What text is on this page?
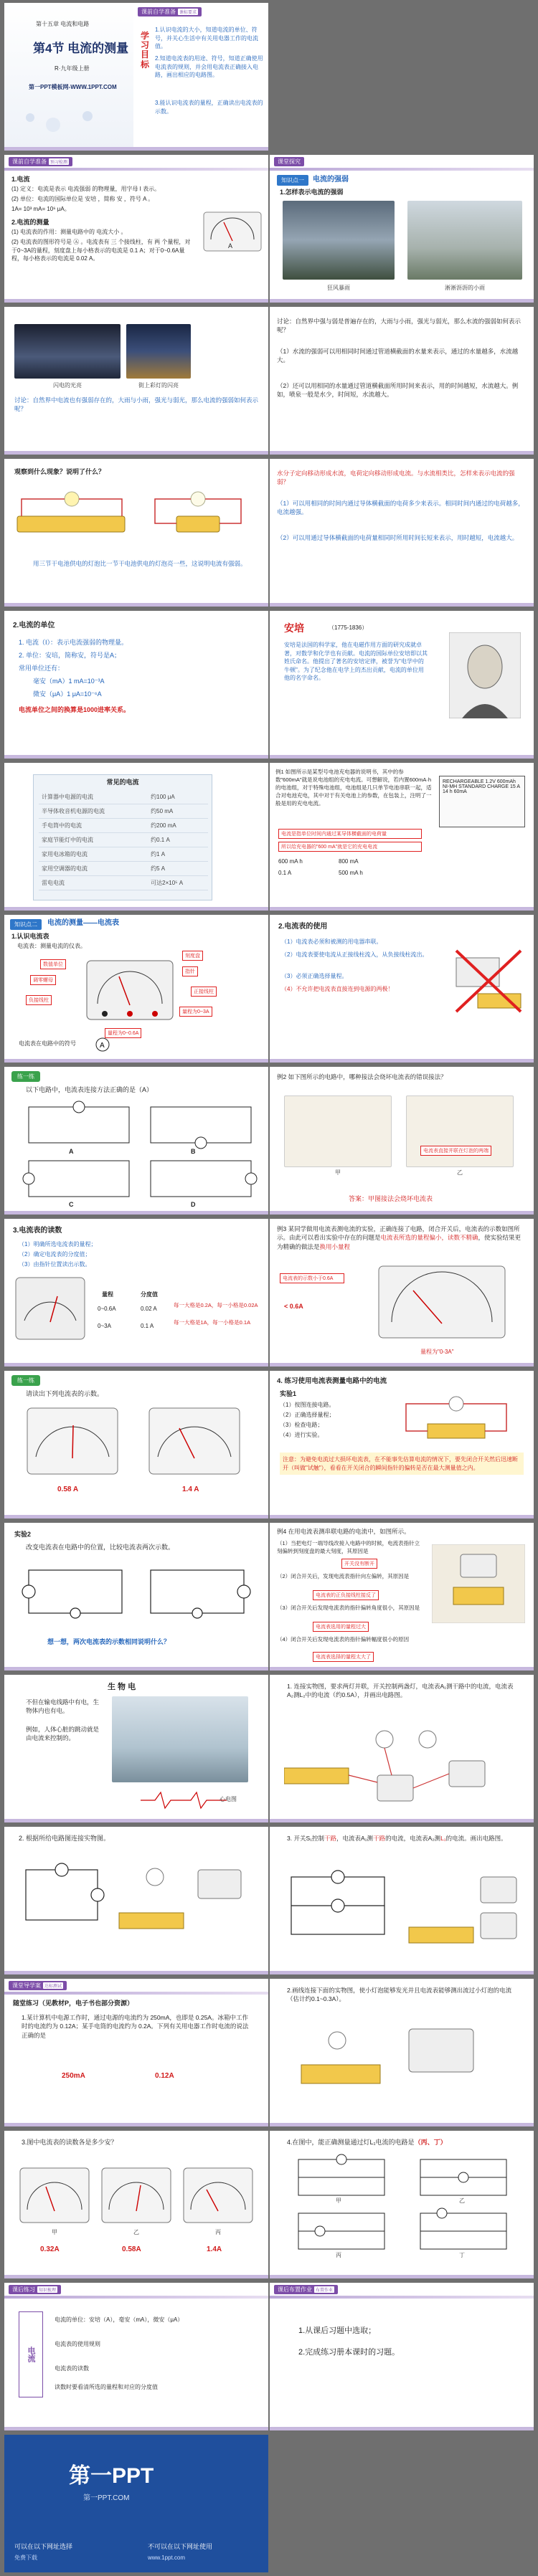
第十五章 电流和电路
第4节 电流的测量
R·九年级上册
第一PPT模板网-WWW.1PPT.COM
课前自学准备 课标要求
学习目标
1.认识电流的大小，知道电流的单位、符号，并关心生活中有关用电器工作的电流值。
2.知道电流表的用途、符号，知道正确使用电流表的规则，并会用电流表正确接入电路，画出相应的电路图。
3.能认识电流表的量程，正确读出电流表的示数。
课前自学准备 预习检测
1.电流
(1) 定义：电流是表示 电流强弱 的物理量，用字母 I 表示。
(2) 单位：电流的国际单位是 安培 ，简称 安 ，符号 A 。
1A= 10³ mA= 10⁶ μA。
2.电流的测量
(1) 电流表的作用：测量电路中的 电流大小 。
(2) 电流表的图形符号是 Ⓐ 。电流表有 三 个接线柱，有 两 个量程，对于0~3A的量程，刻度盘上每小格表示的电流是 0.1 A；对于0~0.6A量程，每小格表示的电流是 0.02 A。
A
课堂探究
知识点一	电流的强弱
1.怎样表示电流的强弱
狂风暴雨	淅淅沥沥的小雨
闪电的光亮	街上彩灯的闪亮
讨论：自然界中电流也有强弱存在的，大雨与小雨，强光与弱光，那么电流的强弱如何表示呢？
讨论：自然界中强与弱是普遍存在的，大雨与小雨，强光与弱光，那么水流的强弱如何表示呢？
（1）水流的强弱可以用相同时间通过管道横截面的水量来表示，通过的水量越多，水流越大。
（2）还可以用相同的水量通过管道横截面所用时间来表示，用的时间越短，水流越大。例如，喷泉一般是水少，时间短，水流越大。
观察到什么现象？说明了什么？
用三节干电池供电的灯泡比一节干电池供电的灯泡亮一些，这说明电流有强弱。
水分子定向移动形成水流，电荷定向移动形成电流。与水流相类比，怎样来表示电流的强弱？
（1）可以用相同的时间内通过导体横截面的电荷多少来表示。相同时间内通过的电荷越多，电流越强。
（2）可以用通过导体横截面的电荷量相同时所用时间长短来表示，用时越短，电流越大。
2.电流的单位
1. 电流（I）：表示电流强弱的物理量。
2. 单位：安培，简称安，符号是A；
常用单位还有：
毫安（mA）1 mA=10⁻³A
微安（μA）1 μA=10⁻⁶A
电流单位之间的换算是1000进率关系。
安培	（1775-1836）
安培是法国的科学家，他在电磁作用方面的研究成就卓著，对数学和化学也有贡献。电流的国际单位安培即以其姓氏命名。他提出了著名的安培定律，被誉为"电学中的牛顿"。为了纪念他在电学上的杰出贡献，电流的单位用他的名字命名。
常见的电流
计算器中电源的电流	约100 μA
半导体收音机电源的电流	约50 mA
手电筒中的电流	约200 mA
家庭节能灯中的电流	约0.1 A
家用电冰箱的电流	约1 A
家用空调器的电流	约5 A
雷电电流	可达2×10⁵ A
例1 如图所示是某型号电池充电器的说明书，其中的参数"600mA"就是说电池组的充电电流。可想解说，若内置600mA·h的电池组，对于特殊电池组，电池组是几只单节电池串联一起，适合对电池充电，其中对于有关电池上的参数，在包装上，注明了一般是用的充电电流。
电流是指单位时间内通过某导体横截面的电荷量
所以给充电器的"600 mA"就是它的充电电流
600 mA h	800 mA
0.1 A	500 mA h
RECHARGEABLE 1.2V 600mAh NI-MH STANDARD CHARGE 15 A 14 h 60mA
知识点二	电流的测量——电流表
1.认识电流表
电流表：测量电流的仪表。
刻度盘
指针
数值单位
调零螺母
正接线柱
负接线柱
量程为0~3A
量程为0~0.6A
电流表在电路中的符号	A
2.电流表的使用
（1）电流表必须和被测的用电器串联。
（2）电流表要使电流从正接线柱流入，从负接线柱流出。
（3）必须正确选择量程。
（4）不允许把电流表直接连到电源的两极！
练一练
以下电路中，电流表连接方法正确的是（A）
A	B
C	D
例2 如下图所示的电路中，哪种接法会烧坏电流表的错误接法？
甲	乙
电流表直接并联在灯泡的两端
答案：甲图接法会烧坏电流表
3.电流表的读数
（1）明确所选电流表的量程；
（2）确定电流表的分度值；
（3）由指针位置读出示数。
量程	分度值
0~0.6A	0.02 A
0~3A	0.1 A
每一大格是0.2A，每一小格是0.02A
每一大格是1A，每一小格是0.1A
例3 某同学做用电流表测电流的实验，正确连接了电路，闭合开关后，电流表的示数如图所示。由此可以看出实验中存在的问题是电流表所选的量程偏小，读数不精确，使实验结果更为精确的做法是换用小量程
电流表的示数小于0.6A
< 0.6A
量程为"0-3A"
练一练
请读出下列电流表的示数。
0.58 A	1.4 A
4. 练习使用电流表测量电路中的电流
实验1
（1）按图连接电路。
（2）正确选择量程；
（3）检查电路；
（4）进行实验。
注意：为避免电流过大损坏电流表，在不能事先估算电流的情况下，要先闭合开关然后迅速断开（叫做"试触"），看看在开关闭合的瞬间指针的偏转是否在最大测量值之内。
实验2
改变电流表在电路中的位置，比较电流表两次示数。
想一想，两次电流表的示数相同说明什么？
例4 在用电流表测串联电路的电流中，如图所示。
（1）当把电灯一端导线改接入电路中的时候，电流表指针立刻偏转到刻度盘的最大刻度，其原因是
开关没有断开
（2）闭合开关后，发现电流表指针向左偏转，其原因是
电流表的正负接线柱接反了
（3）闭合开关后发现电流表的指针偏转角度很小，其原因是
电流表选用的量程过大
（4）闭合开关后发现电流表的指针偏转幅度很小的原因
电流表选择的量程太大了
生 物 电
不但在输电线路中有电，生物体内也有电。
例如，人体心脏的跳动就是由电流来控制的。
心电图
1. 连接实物图，要求两灯并联，开关控制两盏灯，电流表A₁测干路中的电流，电流表A₂测L₂中的电流（约0.5A），并画出电路图。
2. 根据所给电路图连接实物图。	3. 开关S₁控制干路，电流表A₁测干路的电流，电流表A₂测L₁的电流。画出电路图。
课堂导学案 达标测试
随堂练习（见教材P，电子书也部分资源）
1.某计算机中电源工作时，通过电源的电流约为 250mA，也即是 0.25A。冰箱中工作时的电流约为 0.12A；某手电筒的电流约为 0.2A。下列有关用电器工作时电流的说法正确的是
250mA	0.12A
2.画线连接下面的实物图，使小灯泡能够发光并且电流表能够测出流过小灯泡的电流（估计约0.1~0.3A）。
3.图中电流表的读数各是多少安？
甲	乙	丙
0.32A	0.58A	1.4A
4.在图中，能正确测量通过灯L₁电流的电路是（丙、丁）
甲	乙
丙	丁
课后练习 知识梳理
电流
电流的单位：安培（A），毫安（mA），微安（μA）
电流表的使用规则
电流表的读数
读数时要看清所选的量程和对应的分度值
课后布置作业 布置作业
1.从课后习题中选取；
2.完成练习册本课时的习题。
第一PPT
第一PPT.COM
可以在以下网址选择
免费下载
不可以在以下网址使用
www.1ppt.com
